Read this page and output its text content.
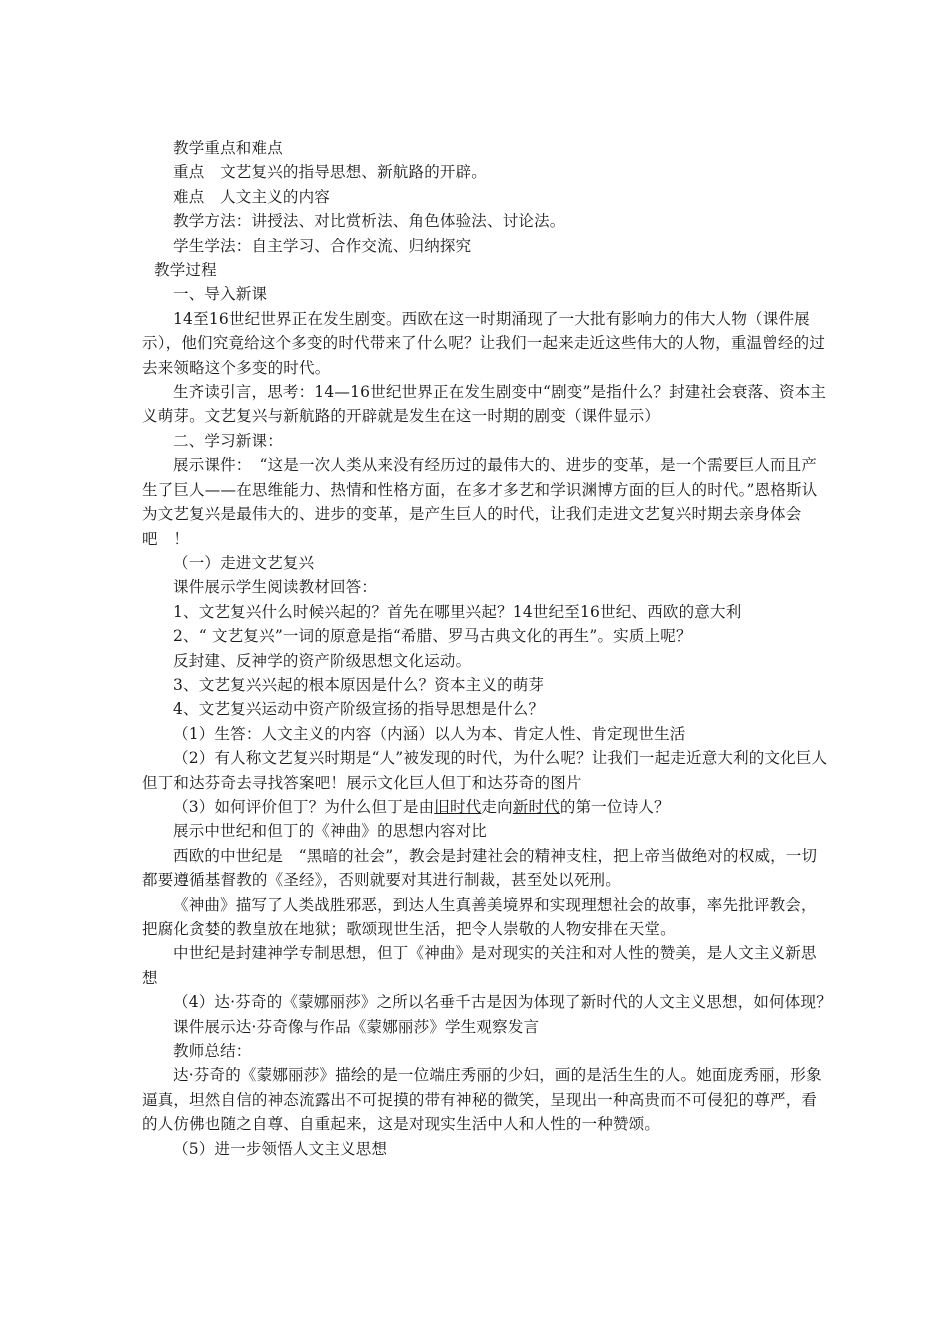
教学重点和难点

重点　文艺复兴的指导思想、新航路的开辟。

难点　人文主义的内容

教学方法：讲授法、对比赏析法、角色体验法、讨论法。

学生学法：自主学习、合作交流、归纳探究

教学过程

一、导入新课

14至16世纪世界正在发生剧变。西欧在这一时期涌现了一大批有影响力的伟大人物（课件展示），他们究竟给这个多变的时代带来了什么呢？让我们一起来走近这些伟大的人物，重温曾经的过去来领略这个多变的时代。

生齐读引言，思考：14—16世纪世界正在发生剧变中“剧变”是指什么？封建社会衰落、资本主义萌芽。文艺复兴与新航路的开辟就是发生在这一时期的剧变（课件显示）

二、学习新课：

展示课件：　“这是一次人类从来没有经历过的最伟大的、进步的变革，是一个需要巨人而且产生了巨人——在思维能力、热情和性格方面，在多才多艺和学识渊博方面的巨人的时代。”恩格斯认为文艺复兴是最伟大的、进步的变革，是产生巨人的时代，让我们走进文艺复兴时期去亲身体会吧　！

（一）走进文艺复兴

课件展示学生阅读教材回答：

1、文艺复兴什么时候兴起的？首先在哪里兴起？14世纪至16世纪、西欧的意大利

2、“ 文艺复兴”一词的原意是指“希腊、罗马古典文化的再生”。实质上呢？

反封建、反神学的资产阶级思想文化运动。

3、文艺复兴兴起的根本原因是什么？资本主义的萌芽

4、文艺复兴运动中资产阶级宣扬的指导思想是什么？

（1）生答：人文主义的内容（内涵）以人为本、肯定人性、肯定现世生活

（2）有人称文艺复兴时期是“人”被发现的时代，为什么呢？让我们一起走近意大利的文化巨人但丁和达芬奇去寻找答案吧！展示文化巨人但丁和达芬奇的图片

（3）如何评价但丁？为什么但丁是由旧时代走向新时代的第一位诗人？

展示中世纪和但丁的《神曲》的思想内容对比

西欧的中世纪是　“黑暗的社会”，教会是封建社会的精神支柱，把上帝当做绝对的权威，一切都要遵循基督教的《圣经》，否则就要对其进行制裁，甚至处以死刑。

《神曲》描写了人类战胜邪恶，到达人生真善美境界和实现理想社会的故事，率先批评教会，把腐化贪婪的教皇放在地狱；歌颂现世生活，把令人崇敬的人物安排在天堂。

中世纪是封建神学专制思想，但丁《神曲》是对现实的关注和对人性的赞美，是人文主义新思想

（4）达·芬奇的《蒙娜丽莎》之所以名垂千古是因为体现了新时代的人文主义思想，如何体现？

课件展示达·芬奇像与作品《蒙娜丽莎》学生观察发言

教师总结：

达·芬奇的《蒙娜丽莎》描绘的是一位端庄秀丽的少妇，画的是活生生的人。她面庞秀丽，形象逼真，坦然自信的神态流露出不可捉摸的带有神秘的微笑，呈现出一种高贵而不可侵犯的尊严，看的人仿佛也随之自尊、自重起来，这是对现实生活中人和人性的一种赞颂。

（5）进一步领悟人文主义思想
